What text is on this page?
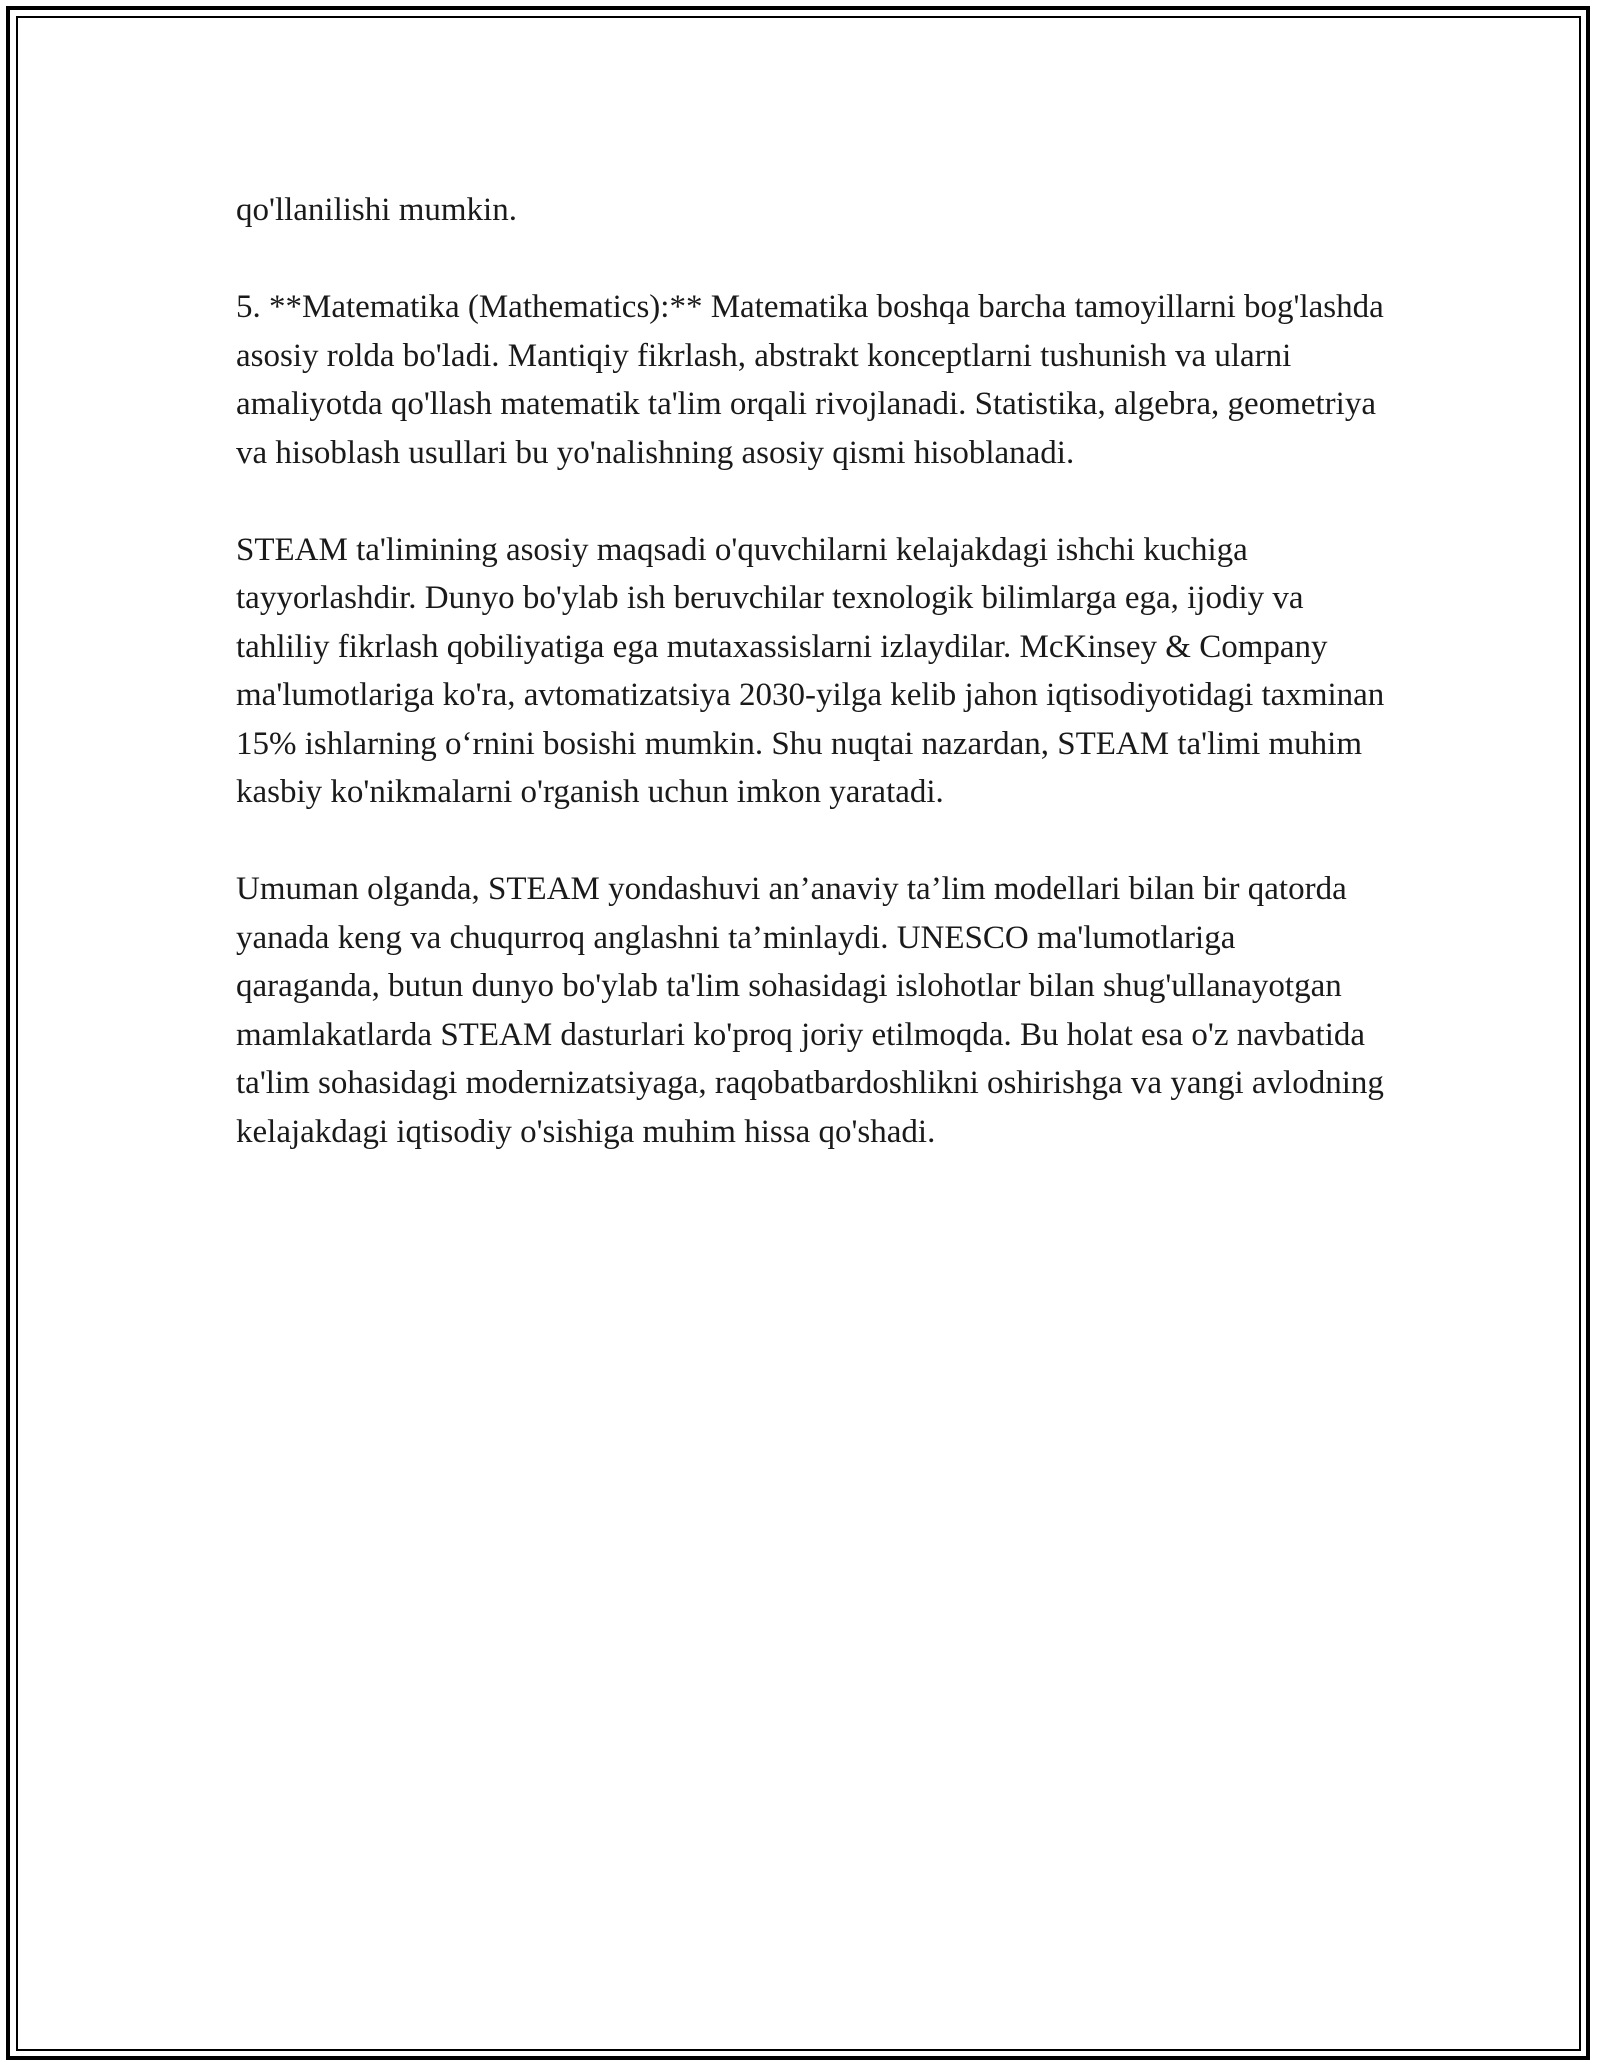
qo'llanilishi mumkin.

5. **Matematika (Mathematics):** Matematika boshqa barcha tamoyillarni bog'lashda asosiy rolda bo'ladi. Mantiqiy fikrlash, abstrakt konceptlarni tushunish va ularni amaliyotda qo'llash matematik ta'lim orqali rivojlanadi. Statistika, algebra, geometriya va hisoblash usullari bu yo'nalishning asosiy qismi hisoblanadi.

STEAM ta'limining asosiy maqsadi o'quvchilarni kelajakdagi ishchi kuchiga tayyorlashdir. Dunyo bo'ylab ish beruvchilar texnologik bilimlarga ega, ijodiy va tahliliy fikrlash qobiliyatiga ega mutaxassislarni izlaydilar. McKinsey & Company ma'lumotlariga ko'ra, avtomatizatsiya 2030-yilga kelib jahon iqtisodiyotidagi taxminan 15% ishlarning o‘rnini bosishi mumkin. Shu nuqtai nazardan, STEAM ta'limi muhim kasbiy ko'nikmalarni o'rganish uchun imkon yaratadi.

Umuman olganda, STEAM yondashuvi an’anaviy ta’lim modellari bilan bir qatorda yanada keng va chuqurroq anglashni ta’minlaydi. UNESCO ma'lumotlariga qaraganda, butun dunyo bo'ylab ta'lim sohasidagi islohotlar bilan shug'ullanayotgan mamlakatlarda STEAM dasturlari ko'proq joriy etilmoqda. Bu holat esa o'z navbatida ta'lim sohasidagi modernizatsiyaga, raqobatbardoshlikni oshirishga va yangi avlodning kelajakdagi iqtisodiy o'sishiga muhim hissa qo'shadi.
